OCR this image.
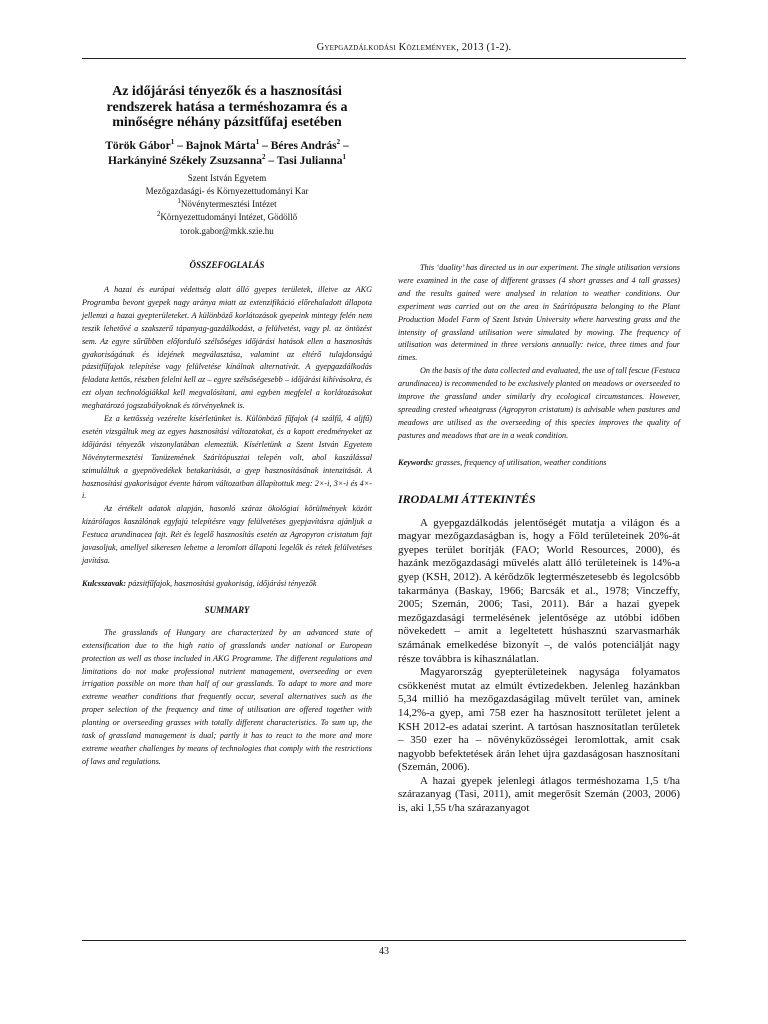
Gyepgazdálkodási Közlemények, 2013 (1-2).
Az időjárási tényezők és a hasznosítási rendszerek hatása a terméshozamra és a minőségre néhány pázsitfűfaj esetében
Török Gábor$^1$ – Bajnok Márta$^1$ – Béres András$^2$ –
Harkányiné Székely Zsuzsanna$^2$ – Tasi Julianna$^1$
Szent István Egyetem
Mezőgazdasági- és Környezettudományi Kar
$^1$Növénytermesztési Intézet
$^2$Környezettudományi Intézet, Gödöllő
torok.gabor@mkk.szie.hu
ÖSSZEFOGLALÁS

A hazai és európai védettség alatt álló gyepes területek, illetve az AKG Programba bevont gyepek nagy aránya miatt az extenzifikáció előrehaladott állapota jellemzi a hazai gyepterületeket. A különböző korlátozások gyepeink mintegy felén nem teszik lehetővé a szakszerű tápanyag-gazdálkodást, a felülvetést, vagy pl. az öntözést sem. Az egyre sűrűbben előforduló szélsőséges időjárási hatások ellen a hasznosítás gyakoriságának és idejének megválasztása, valamint az eltérő tulajdonságú pázsitfűfajok telepítése vagy felülvetése kínálnak alternatívát. A gyepgazdálkodás feladata kettős, részben felelni kell az – egyre szélsőségesebb – időjárási kihívásokra, és ezt olyan technológiákkal kell megvalósítani, ami egyben megfelel a korlátozásokat meghatározó jogszabályoknak és törvényeknek is.

Ez a kettősség vezérelte kísérletünket is. Különböző fűfajok (4 szálfű, 4 aljfű) esetén vizsgáltuk meg az egyes hasznosítási változatokat, és a kapott eredményeket az időjárási tényezők viszonylatában elemeztük. Kísérletünk a Szent István Egyetem Növénytermesztési Tanüzemének Szárítópusztai telepén volt, ahol kaszálással szimuláltuk a gyepnövedékek betakarítását, a gyep hasznosításának intenzitását. A hasznosítási gyakoriságot évente három változatban állapítottuk meg: 2×-i, 3×-i és 4×-i.

Az értékelt adatok alapján, hasonló száraz ökológiai körülmények között kizárólagos kaszálónak egyfajú telepítésre vagy felülvetéses gyepjavításra ajánljuk a Festuca arundinacea fajt. Rét és legelő hasznosítás esetén az Agropyron cristatum fajt javasoljuk, amellyel sikeresen lehetne a leromlott állapotú legelők és rétek felülvetéses javítása.

Kulcsszavak: pázsitfűfajok, hasznosítási gyakoriság, időjárási tényezők
SUMMARY

The grasslands of Hungary are characterized by an advanced state of extensification due to the high ratio of grasslands under national or European protection as well as those included in AKG Programme. The different regulations and limitations do not make professional nutrient management, overseeding or even irrigation possible on more than half of our grasslands. To adapt to more and more extreme weather conditions that frequently occur, several alternatives such as the proper selection of the frequency and time of utilisation are offered together with planting or overseeding grasses with totally different characteristics. To sum up, the task of grassland management is dual; partly it has to react to the more and more extreme weather challenges by means of technologies that comply with the restrictions of laws and regulations.

This ‘duality’ has directed us in our experiment. The single utilisation versions were examined in the case of different grasses (4 short grasses and 4 tall grasses) and the results gained were analysed in relation to weather conditions. Our experiment was carried out on the area in Szárítópuszta belonging to the Plant Production Model Farm of Szent István University where harvesting grass and the intensity of grassland utilisation were simulated by mowing. The frequency of utilisation was determined in three versions annually: twice, three times and four times.

On the basis of the data collected and evaluated, the use of tall fescue (Festuca arundinacea) is recommended to be exclusively planted on meadows or overseeded to improve the grassland under similarly dry ecological circumstances. However, spreading crested wheatgrass (Agropyron cristatum) is advisable when pastures and meadows are utilised as the overseeding of this species improves the quality of pastures and meadows that are in a weak condition.

Keywords: grasses, frequency of utilisation, weather conditions
IRODALMI ÁTTEKINTÉS

A gyepgazdálkodás jelentőségét mutatja a világon és a magyar mezőgazdaságban is, hogy a Föld területeinek 20%-át gyepes terület borítják (FAO; World Resources, 2000), és hazánk mezőgazdasági művelés alatt álló területeinek is 14%-a gyep (KSH, 2012). A kérődzők legtermészetesebb és legolcsóbb takarmánya (Baskay, 1966; Barcsák et al., 1978; Vinczeffy, 2005; Szemán, 2006; Tasi, 2011). Bár a hazai gyepek mezőgazdasági termelésének jelentősége az utóbbi időben növekedett – amit a legeltetett húshasznú szarvasmarhák számának emelkedése bizonyít –, de valós potenciálját nagy része továbbra is kihasználatlan.

Magyarország gyepterületeinek nagysága folyamatos csökkenést mutat az elmúlt évtizedekben. Jelenleg hazánkban 5,34 millió ha mezőgazdaságilag művelt terület van, aminek 14,2%-a gyep, ami 758 ezer ha hasznosított területet jelent a KSH 2012-es adatai szerint. A tartósan hasznosítatlan területek – 350 ezer ha – növényközösségei leromlottak, amit csak nagyobb befektetések árán lehet újra gazdaságosan hasznosítani (Szemán, 2006).

A hazai gyepek jelenlegi átlagos terméshozama 1,5 t/ha szárazanyag (Tasi, 2011), amit megerősít Szemán (2003, 2006) is, aki 1,55 t/ha szárazanyagot

43
